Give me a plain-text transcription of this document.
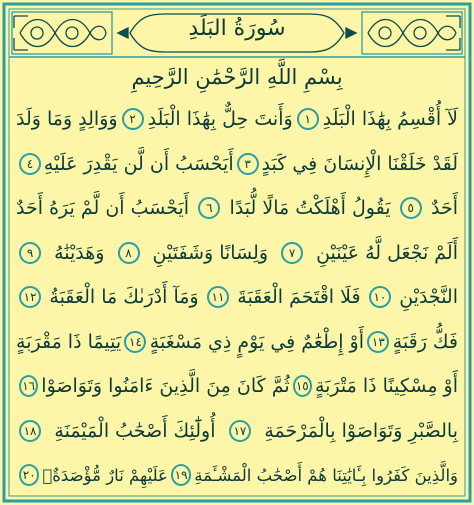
سُورَةُ البَلَدِ
بِسْمِ اللَّهِ الرَّحْمَٰنِ الرَّحِيمِ
لَآ أُقْسِمُ بِهَٰذَا الْبَلَدِ
١
وَأَنتَ حِلٌّ بِهَٰذَا الْبَلَدِ
٢
وَوَالِدٍ وَمَا وَلَدَ
لَقَدْ خَلَقْنَا الْإِنسَانَ فِي كَبَدٍ
٣
أَيَحْسَبُ أَن لَّن يَقْدِرَ عَلَيْهِ
٤
أَحَدٌ
٥
يَقُولُ أَهْلَكْتُ مَالًا لُّبَدًا
٦
أَيَحْسَبُ أَن لَّمْ يَرَهُ أَحَدٌ
أَلَمْ نَجْعَل لَّهُ عَيْنَيْنِ
٧
وَلِسَانًا وَشَفَتَيْنِ
٨
وَهَدَيْنَٰهُ
٩
النَّجْدَيْنِ
١٠
فَلَا اقْتَحَمَ الْعَقَبَةَ
١١
وَمَآ أَدْرَىٰكَ مَا الْعَقَبَةُ
١٢
فَكُّ رَقَبَةٍ
١٣
أَوْ إِطْعَٰمٌ فِي يَوْمٍ ذِي مَسْغَبَةٍ
١٤
يَتِيمًا ذَا مَقْرَبَةٍ
أَوْ مِسْكِينًا ذَا مَتْرَبَةٍ
١٥
ثُمَّ كَانَ مِنَ الَّذِينَ ءَامَنُوا وَتَوَاصَوْا
١٦
بِالصَّبْرِ وَتَوَاصَوْا بِالْمَرْحَمَةِ
١٧
أُولَٰٓئِكَ أَصْحَٰبُ الْمَيْمَنَةِ
١٨
وَالَّذِينَ كَفَرُوا بِـَٔايَٰتِنَا هُمْ أَصْحَٰبُ الْمَشْـَٔمَةِ
١٩
عَلَيْهِمْ نَارٌ مُّؤْصَدَةٌۢ
٢٠
